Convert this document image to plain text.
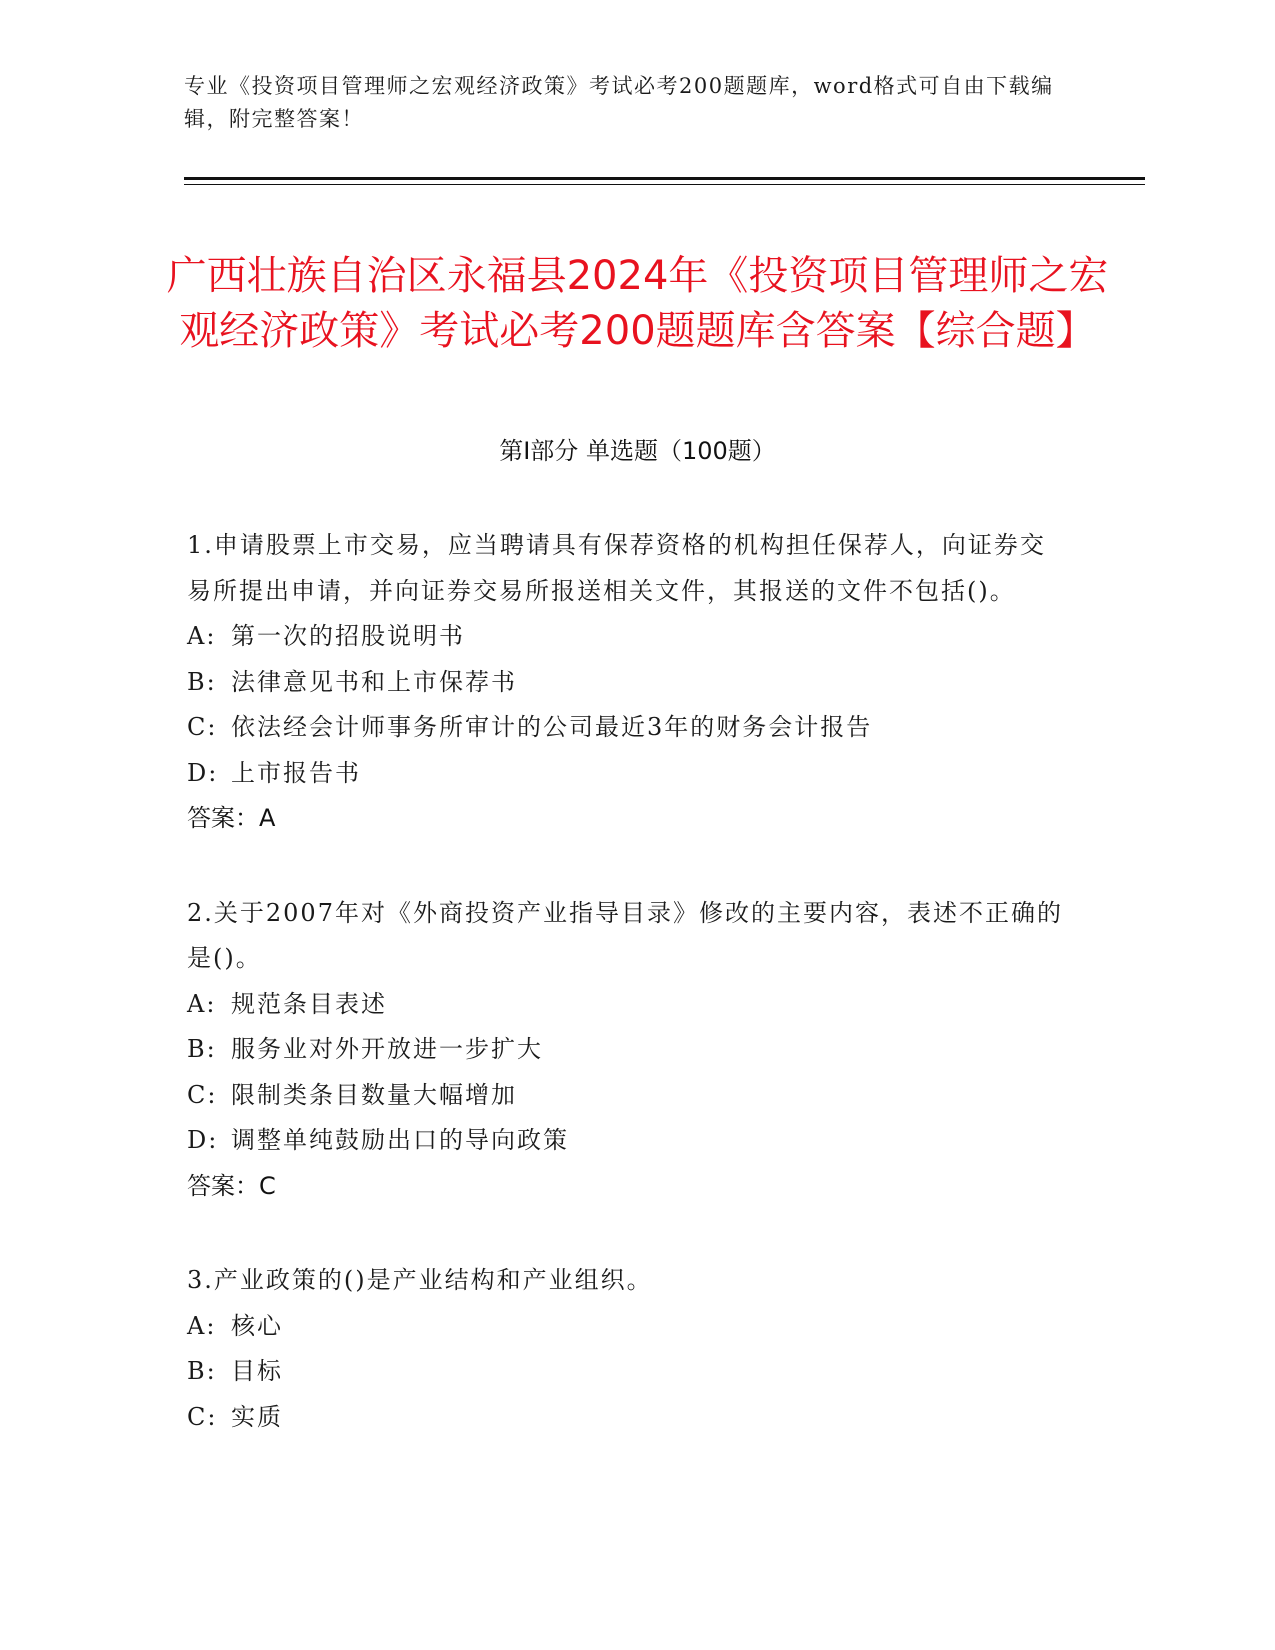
专业《投资项目管理师之宏观经济政策》考试必考200题题库，word格式可自由下载编辑，附完整答案！
广西壮族自治区永福县2024年《投资项目管理师之宏观经济政策》考试必考200题题库含答案【综合题】
第I部分 单选题（100题）
1.申请股票上市交易，应当聘请具有保荐资格的机构担任保荐人，向证券交易所提出申请，并向证券交易所报送相关文件，其报送的文件不包括()。
A: 第一次的招股说明书
B: 法律意见书和上市保荐书
C: 依法经会计师事务所审计的公司最近3年的财务会计报告
D: 上市报告书
答案：A
2.关于2007年对《外商投资产业指导目录》修改的主要内容，表述不正确的是()。
A: 规范条目表述
B: 服务业对外开放进一步扩大
C: 限制类条目数量大幅增加
D: 调整单纯鼓励出口的导向政策
答案：C
3.产业政策的()是产业结构和产业组织。
A: 核心
B: 目标
C: 实质
